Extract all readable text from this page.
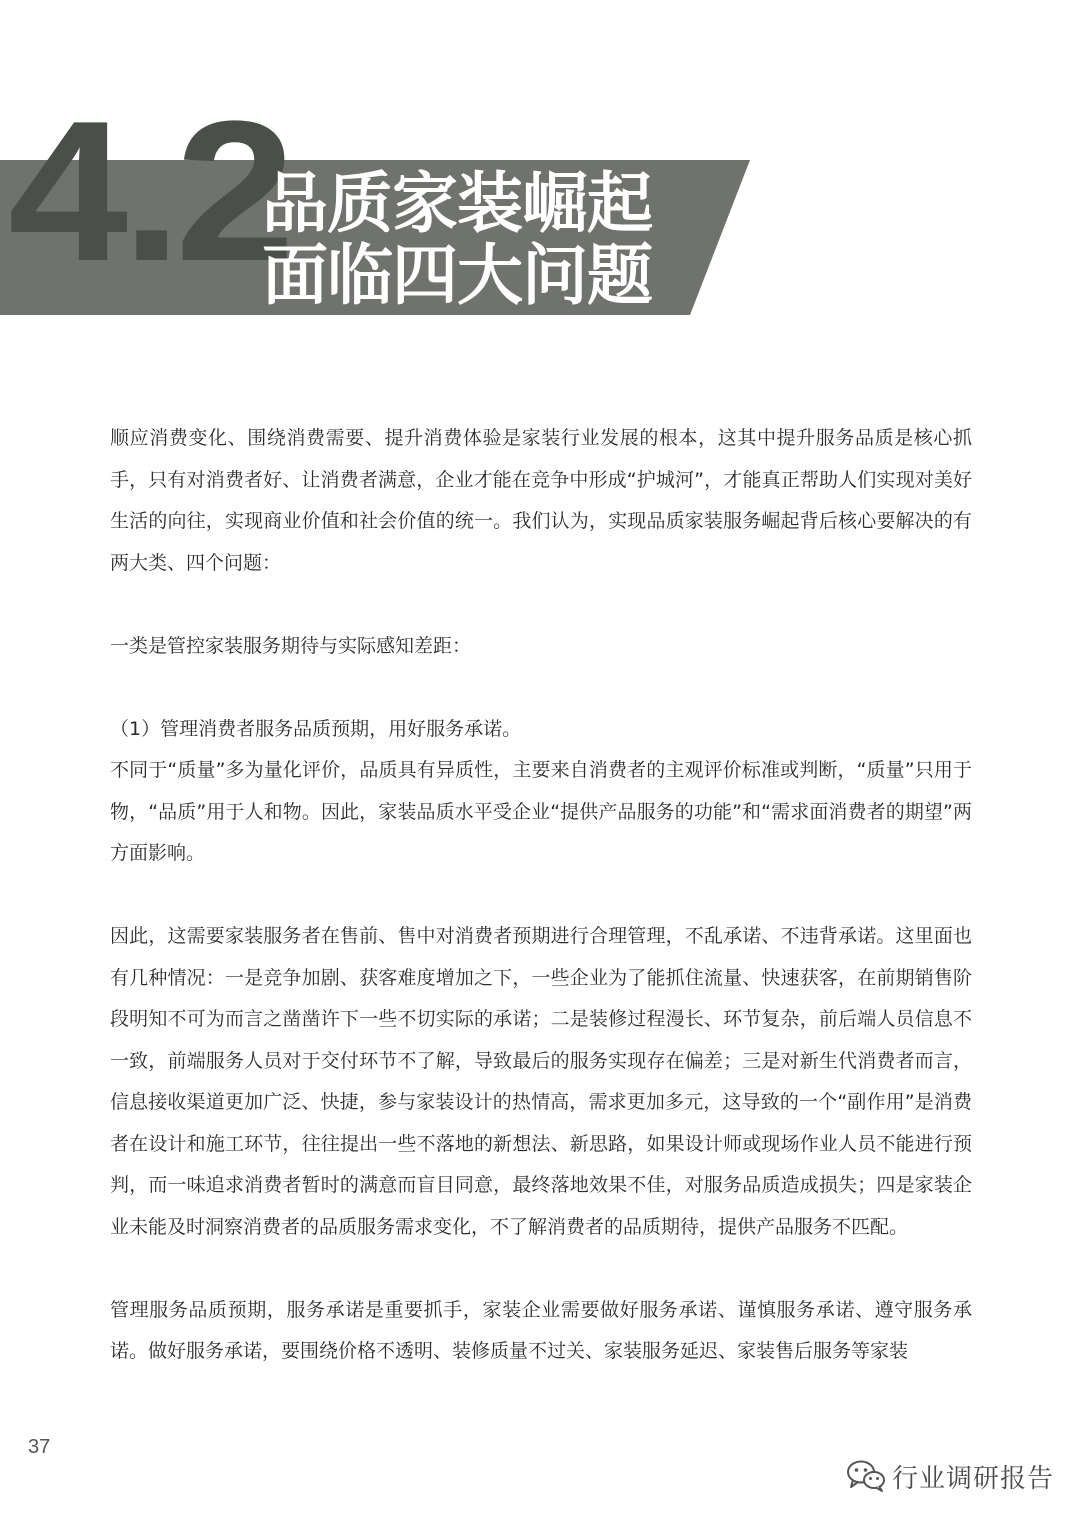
4.2
品质家装崛起
面临四大问题

顺应消费变化、围绕消费需要、提升消费体验是家装行业发展的根本，这其中提升服务品质是核心抓手，只有对消费者好、让消费者满意，企业才能在竞争中形成“护城河”，才能真正帮助人们实现对美好生活的向往，实现商业价值和社会价值的统一。我们认为，实现品质家装服务崛起背后核心要解决的有两大类、四个问题：

一类是管控家装服务期待与实际感知差距：

（1）管理消费者服务品质预期，用好服务承诺。

不同于“质量”多为量化评价，品质具有异质性，主要来自消费者的主观评价标准或判断，“质量”只用于物，“品质”用于人和物。因此，家装品质水平受企业“提供产品服务的功能”和“需求面消费者的期望”两方面影响。

因此，这需要家装服务者在售前、售中对消费者预期进行合理管理，不乱承诺、不违背承诺。这里面也有几种情况：一是竞争加剧、获客难度增加之下，一些企业为了能抓住流量、快速获客，在前期销售阶段明知不可为而言之凿凿许下一些不切实际的承诺；二是装修过程漫长、环节复杂，前后端人员信息不一致，前端服务人员对于交付环节不了解，导致最后的服务实现存在偏差；三是对新生代消费者而言，信息接收渠道更加广泛、快捷，参与家装设计的热情高，需求更加多元，这导致的一个“副作用”是消费者在设计和施工环节，往往提出一些不落地的新想法、新思路，如果设计师或现场作业人员不能进行预判，而一味追求消费者暂时的满意而盲目同意，最终落地效果不佳，对服务品质造成损失；四是家装企业未能及时洞察消费者的品质服务需求变化，不了解消费者的品质期待，提供产品服务不匹配。

管理服务品质预期，服务承诺是重要抓手，家装企业需要做好服务承诺、谨慎服务承诺、遵守服务承诺。做好服务承诺，要围绕价格不透明、装修质量不过关、家装服务延迟、家装售后服务等家装

37
行业调研报告
